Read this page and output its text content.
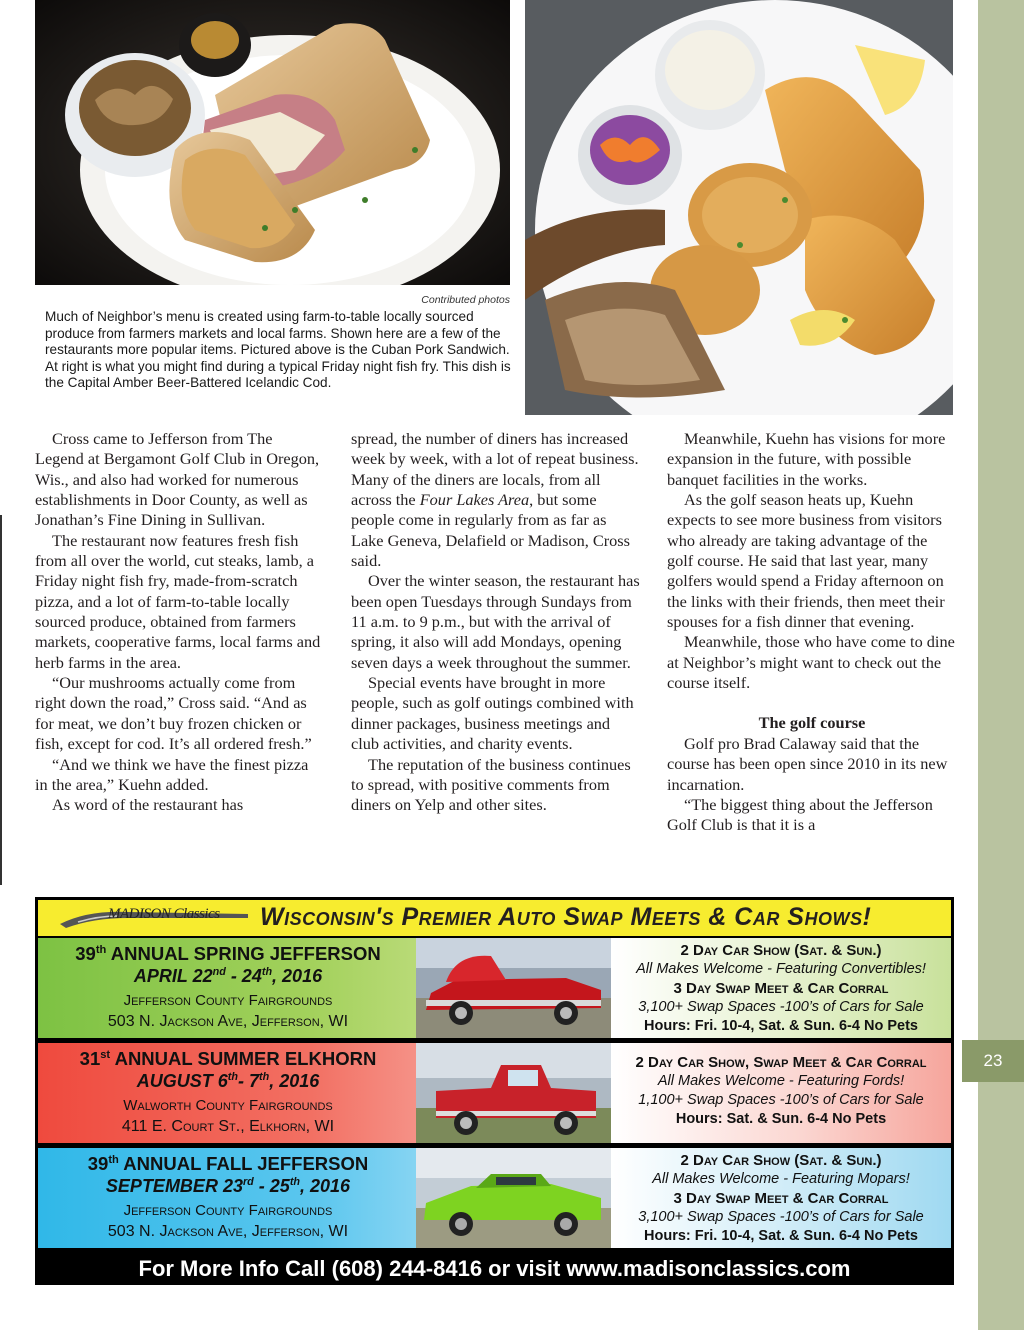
Contributed photos

Much of Neighbor’s menu is created using farm-to-table locally sourced produce from farmers markets and local farms. Shown here are a few of the restaurants more popular items. Pictured above is the Cuban Pork Sandwich. At right is what you might find during a typical Friday night fish fry. This dish is the Capital Amber Beer-Battered Icelandic Cod.

Cross came to Jefferson from The Legend at Bergamont Golf Club in Oregon, Wis., and also had worked for numerous establishments in Door County, as well as Jonathan’s Fine Dining in Sullivan.

The restaurant now features fresh fish from all over the world, cut steaks, lamb, a Friday night fish fry, made-from-scratch pizza, and a lot of farm-to-table locally sourced produce, obtained from farmers markets, cooperative farms, local farms and herb farms in the area.

“Our mushrooms actually come from right down the road,” Cross said. “And as for meat, we don’t buy frozen chicken or fish, except for cod. It’s all ordered fresh.”

“And we think we have the finest pizza in the area,” Kuehn added.

As word of the restaurant has

spread, the number of diners has increased week by week, with a lot of repeat business. Many of the diners are locals, from all across the Four Lakes Area, but some people come in regularly from as far as Lake Geneva, Delafield or Madison, Cross said.

Over the winter season, the restaurant has been open Tuesdays through Sundays from 11 a.m. to 9 p.m., but with the arrival of spring, it also will add Mondays, opening seven days a week throughout the summer.

Special events have brought in more people, such as golf outings combined with dinner packages, business meetings and club activities, and charity events.

The reputation of the business continues to spread, with positive comments from diners on Yelp and other sites.

Meanwhile, Kuehn has visions for more expansion in the future, with possible banquet facilities in the works.

As the golf season heats up, Kuehn expects to see more business from visitors who already are taking advantage of the golf course. He said that last year, many golfers would spend a Friday afternoon on the links with their friends, then meet their spouses for a fish dinner that evening.

Meanwhile, those who have come to dine at Neighbor’s might want to check out the course itself.

The golf course

Golf pro Brad Calaway said that the course has been open since 2010 in its new incarnation.

“The biggest thing about the Jefferson Golf Club is that it is a

MADISON Classics Wisconsin's Premier Auto Swap Meets & Car Shows!
39th ANNUAL SPRING JEFFERSON
APRIL 22nd - 24th, 2016
Jefferson County Fairgrounds
503 N. Jackson Ave, Jefferson, WI
2 Day Car Show (Sat. & Sun.)
All Makes Welcome - Featuring Convertibles!
3 Day Swap Meet & Car Corral
3,100+ Swap Spaces -100’s of Cars for Sale
Hours: Fri. 10-4, Sat. & Sun. 6-4 No Pets
31st ANNUAL SUMMER ELKHORN
AUGUST 6th- 7th, 2016
Walworth County Fairgrounds
411 E. Court St., Elkhorn, WI
2 Day Car Show, Swap Meet & Car Corral
All Makes Welcome - Featuring Fords!
1,100+ Swap Spaces -100’s of Cars for Sale
Hours: Sat. & Sun. 6-4 No Pets
39th ANNUAL FALL JEFFERSON
SEPTEMBER 23rd - 25th, 2016
Jefferson County Fairgrounds
503 N. Jackson Ave, Jefferson, WI
2 Day Car Show (Sat. & Sun.)
All Makes Welcome - Featuring Mopars!
3 Day Swap Meet & Car Corral
3,100+ Swap Spaces -100’s of Cars for Sale
Hours: Fri. 10-4, Sat. & Sun. 6-4 No Pets
For More Info Call (608) 244-8416 or visit www.madisonclassics.com
23
